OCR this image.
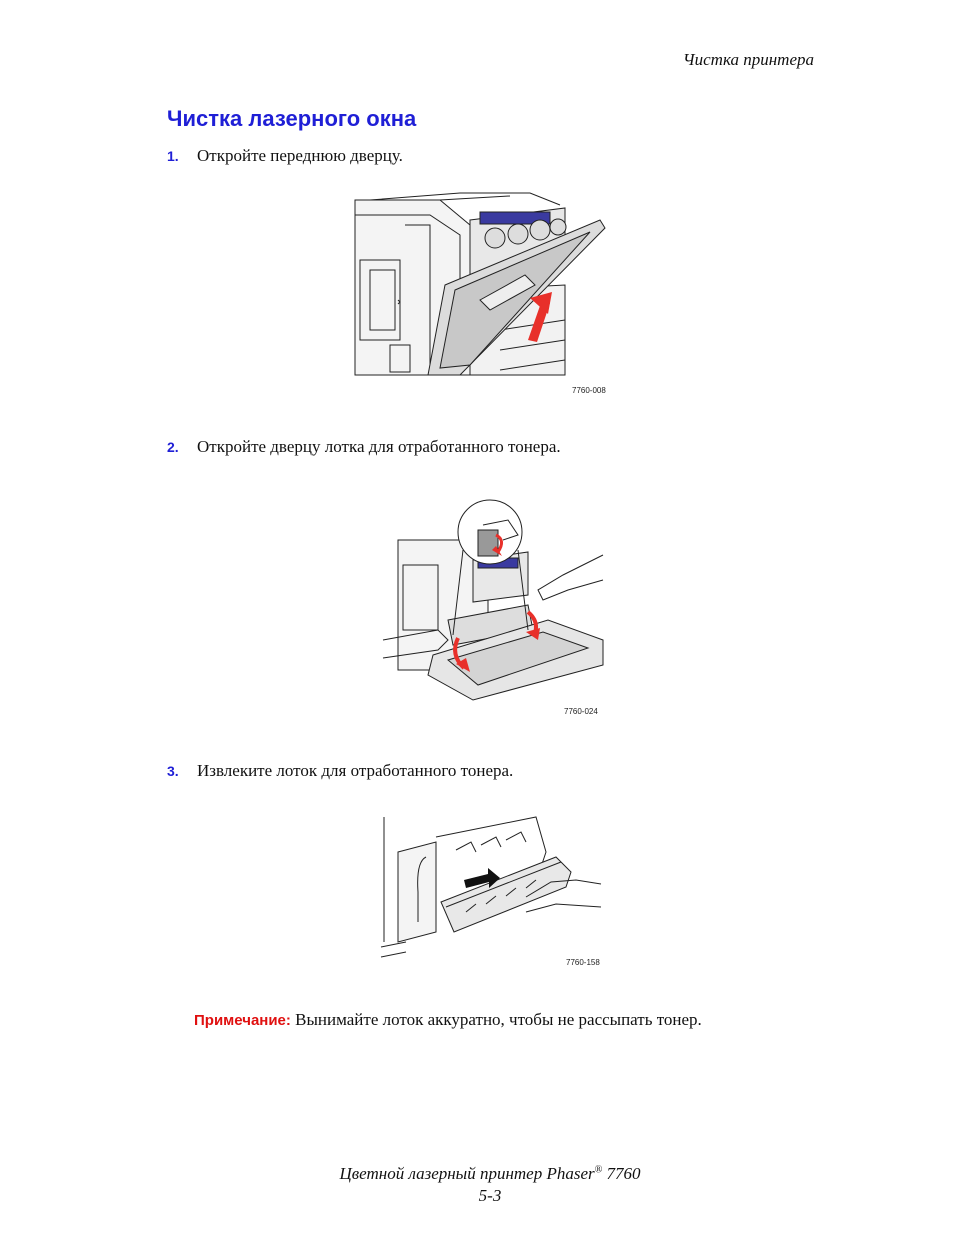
Чистка принтера
Чистка лазерного окна
1. Откройте переднюю дверцу.
7760-008
2. Откройте дверцу лотка для отработанного тонера.
7760-024
3. Извлеките лоток для отработанного тонера.
7760-158
Примечание: Вынимайте лоток аккуратно, чтобы не рассыпать тонер.
Цветной лазерный принтер Phaser® 7760
5-3
